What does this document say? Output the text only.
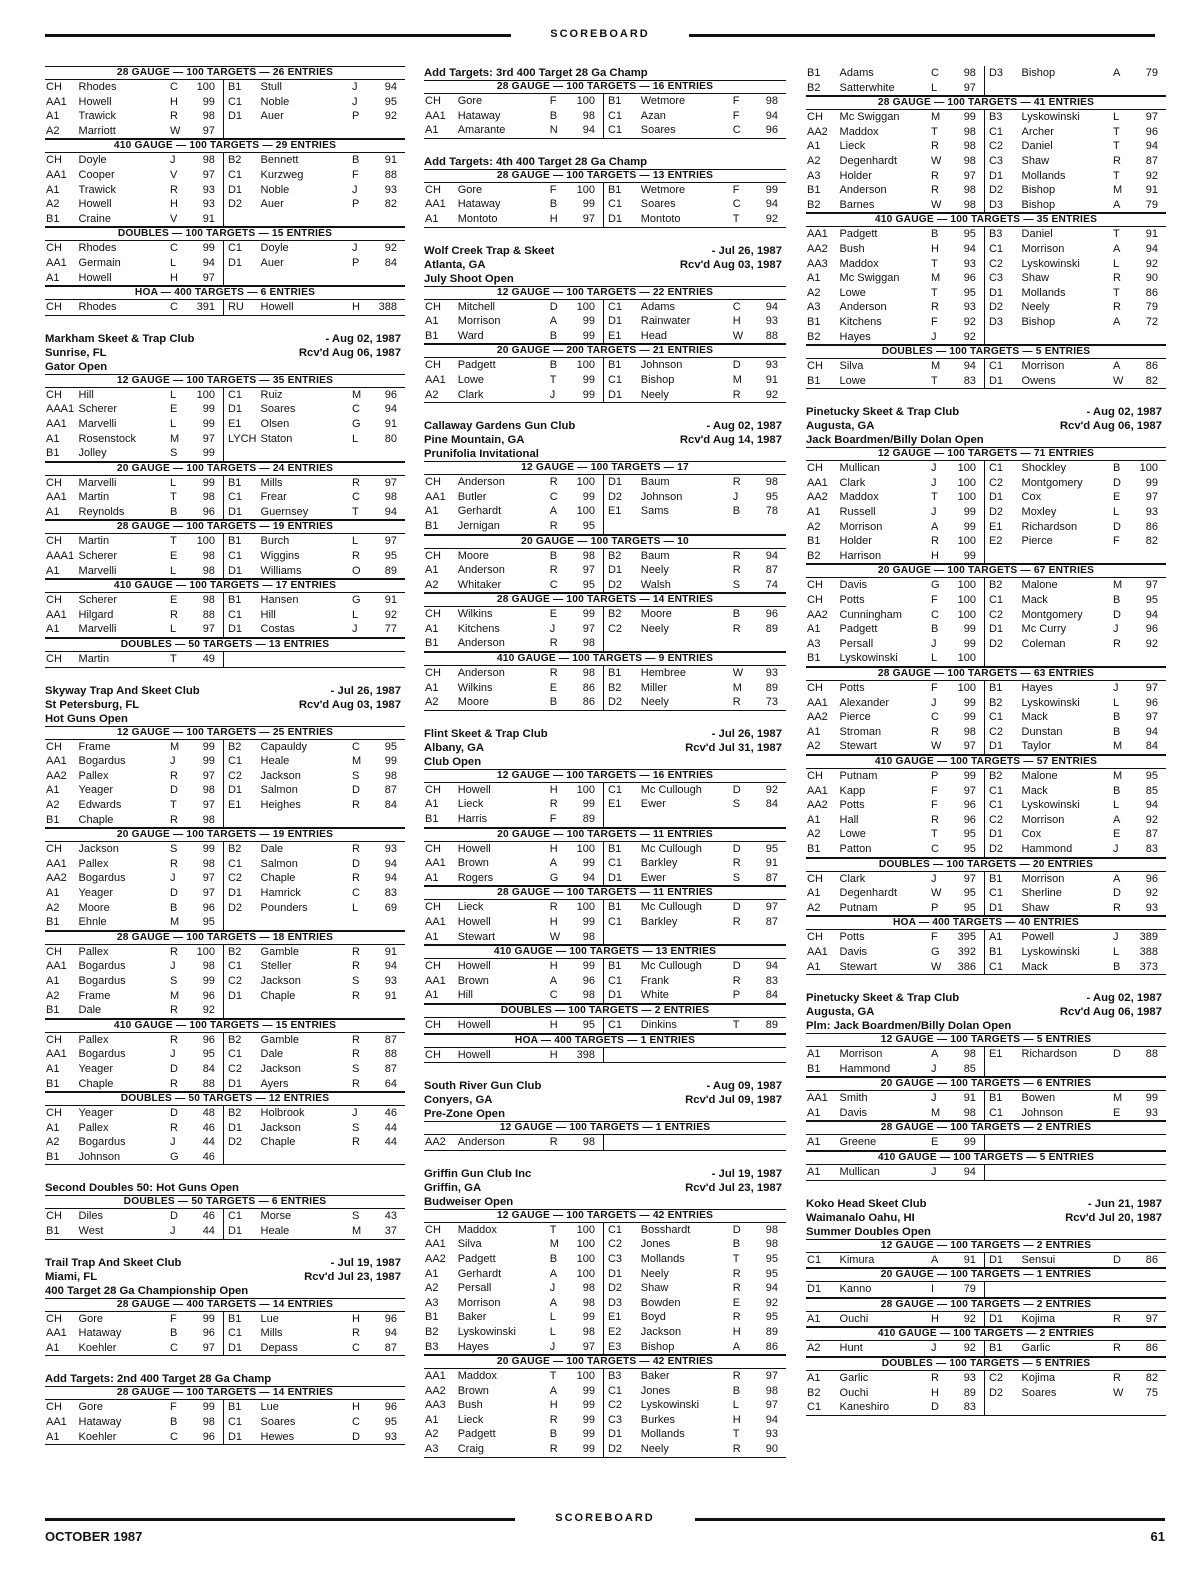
SCOREBOARD
28 GAUGE — 100 TARGETS — 26 ENTRIES
CH	Rhodes	C	100	B1	Stull	J	94
AA1	Howell	H	99	C1	Noble	J	95
A1	Trawick	R	98	D1	Auer	P	92
A2	Marriott	W	97				
410 GAUGE — 100 TARGETS — 29 ENTRIES
CH	Doyle	J	98	B2	Bennett	B	91
AA1	Cooper	V	97	C1	Kurzweg	F	88
A1	Trawick	R	93	D1	Noble	J	93
A2	Howell	H	93	D2	Auer	P	82
B1	Craine	V	91				
DOUBLES — 100 TARGETS — 15 ENTRIES
CH	Rhodes	C	99	C1	Doyle	J	92
AA1	Germain	L	94	D1	Auer	P	84
A1	Howell	H	97				
HOA — 400 TARGETS — 6 ENTRIES
CH	Rhodes	C	391	RU	Howell	H	388
Markham Skeet & Trap Club	- Aug 02, 1987
Sunrise, FL	Rcv'd Aug 06, 1987
Gator Open
12 GAUGE — 100 TARGETS — 35 ENTRIES
CH	Hill	L	100	C1	Ruiz	M	96
AAA1	Scherer	E	99	D1	Soares	C	94
AA1	Marvelli	L	99	E1	Olsen	G	91
A1	Rosenstock	M	97	LYCH	Staton	L	80
B1	Jolley	S	99				
20 GAUGE — 100 TARGETS — 24 ENTRIES
CH	Marvelli	L	99	B1	Mills	R	97
AA1	Martin	T	98	C1	Frear	C	98
A1	Reynolds	B	96	D1	Guernsey	T	94
28 GAUGE — 100 TARGETS — 19 ENTRIES
CH	Martin	T	100	B1	Burch	L	97
AAA1	Scherer	E	98	C1	Wiggins	R	95
A1	Marvelli	L	98	D1	Williams	O	89
410 GAUGE — 100 TARGETS — 17 ENTRIES
CH	Scherer	E	98	B1	Hansen	G	91
AA1	Hilgard	R	88	C1	Hill	L	92
A1	Marvelli	L	97	D1	Costas	J	77
DOUBLES — 50 TARGETS — 13 ENTRIES
CH	Martin	T	49				
Skyway Trap And Skeet Club	- Jul 26, 1987
St Petersburg, FL	Rcv'd Aug 03, 1987
Hot Guns Open
12 GAUGE — 100 TARGETS — 25 ENTRIES
CH	Frame	M	99	B2	Capauldy	C	95
AA1	Bogardus	J	99	C1	Heale	M	99
AA2	Pallex	R	97	C2	Jackson	S	98
A1	Yeager	D	98	D1	Salmon	D	87
A2	Edwards	T	97	E1	Heighes	R	84
B1	Chaple	R	98				
20 GAUGE — 100 TARGETS — 19 ENTRIES
CH	Jackson	S	99	B2	Dale	R	93
AA1	Pallex	R	98	C1	Salmon	D	94
AA2	Bogardus	J	97	C2	Chaple	R	94
A1	Yeager	D	97	D1	Hamrick	C	83
A2	Moore	B	96	D2	Pounders	L	69
B1	Ehnle	M	95				
28 GAUGE — 100 TARGETS — 18 ENTRIES
CH	Pallex	R	100	B2	Gamble	R	91
AA1	Bogardus	J	98	C1	Steller	R	94
A1	Bogardus	S	99	C2	Jackson	S	93
A2	Frame	M	96	D1	Chaple	R	91
B1	Dale	R	92				
410 GAUGE — 100 TARGETS — 15 ENTRIES
CH	Pallex	R	96	B2	Gamble	R	87
AA1	Bogardus	J	95	C1	Dale	R	88
A1	Yeager	D	84	C2	Jackson	S	87
B1	Chaple	R	88	D1	Ayers	R	64
DOUBLES — 50 TARGETS — 12 ENTRIES
CH	Yeager	D	48	B2	Holbrook	J	46
A1	Pallex	R	46	D1	Jackson	S	44
A2	Bogardus	J	44	D2	Chaple	R	44
B1	Johnson	G	46				
Second Doubles 50: Hot Guns Open
DOUBLES — 50 TARGETS — 6 ENTRIES
CH	Diles	D	46	C1	Morse	S	43
B1	West	J	44	D1	Heale	M	37
Trail Trap And Skeet Club	- Jul 19, 1987
Miami, FL	Rcv'd Jul 23, 1987
400 Target 28 Ga Championship Open
28 GAUGE — 400 TARGETS — 14 ENTRIES
CH	Gore	F	99	B1	Lue	H	96
AA1	Hataway	B	96	C1	Mills	R	94
A1	Koehler	C	97	D1	Depass	C	87
Add Targets: 2nd 400 Target 28 Ga Champ
28 GAUGE — 100 TARGETS — 14 ENTRIES
CH	Gore	F	99	B1	Lue	H	96
AA1	Hataway	B	98	C1	Soares	C	95
A1	Koehler	C	96	D1	Hewes	D	93
Add Targets: 3rd 400 Target 28 Ga Champ
28 GAUGE — 100 TARGETS — 16 ENTRIES
CH	Gore	F	100	B1	Wetmore	F	98
AA1	Hataway	B	98	C1	Azan	F	94
A1	Amarante	N	94	C1	Soares	C	96
Add Targets: 4th 400 Target 28 Ga Champ
28 GAUGE — 100 TARGETS — 13 ENTRIES
CH	Gore	F	100	B1	Wetmore	F	99
AA1	Hataway	B	99	C1	Soares	C	94
A1	Montoto	H	97	D1	Montoto	T	92
Wolf Creek Trap & Skeet	- Jul 26, 1987
Atlanta, GA	Rcv'd Aug 03, 1987
July Shoot Open
12 GAUGE — 100 TARGETS — 22 ENTRIES
CH	Mitchell	D	100	C1	Adams	C	94
A1	Morrison	A	99	D1	Rainwater	H	93
B1	Ward	B	99	E1	Head	W	88
20 GAUGE — 200 TARGETS — 21 ENTRIES
CH	Padgett	B	100	B1	Johnson	D	93
AA1	Lowe	T	99	C1	Bishop	M	91
A2	Clark	J	99	D1	Neely	R	92
Callaway Gardens Gun Club	- Aug 02, 1987
Pine Mountain, GA	Rcv'd Aug 14, 1987
Prunifolia Invitational
12 GAUGE — 100 TARGETS — 17
CH	Anderson	R	100	D1	Baum	R	98
AA1	Butler	C	99	D2	Johnson	J	95
A1	Gerhardt	A	100	E1	Sams	B	78
B1	Jernigan	R	95				
20 GAUGE — 100 TARGETS — 10
CH	Moore	B	98	B2	Baum	R	94
A1	Anderson	R	97	D1	Neely	R	87
A2	Whitaker	C	95	D2	Walsh	S	74
28 GAUGE — 100 TARGETS — 14 ENTRIES
CH	Wilkins	E	99	B2	Moore	B	96
A1	Kitchens	J	97	C2	Neely	R	89
B1	Anderson	R	98				
410 GAUGE — 100 TARGETS — 9 ENTRIES
CH	Anderson	R	98	B1	Hembree	W	93
A1	Wilkins	E	86	B2	Miller	M	89
A2	Moore	B	86	D2	Neely	R	73
Flint Skeet & Trap Club	- Jul 26, 1987
Albany, GA	Rcv'd Jul 31, 1987
Club Open
12 GAUGE — 100 TARGETS — 16 ENTRIES
CH	Howell	H	100	C1	Mc Cullough	D	92
A1	Lieck	R	99	E1	Ewer	S	84
B1	Harris	F	89				
20 GAUGE — 100 TARGETS — 11 ENTRIES
CH	Howell	H	100	B1	Mc Cullough	D	95
AA1	Brown	A	99	C1	Barkley	R	91
A1	Rogers	G	94	D1	Ewer	S	87
28 GAUGE — 100 TARGETS — 11 ENTRIES
CH	Lieck	R	100	B1	Mc Cullough	D	97
AA1	Howell	H	99	C1	Barkley	R	87
A1	Stewart	W	98				
410 GAUGE — 100 TARGETS — 13 ENTRIES
CH	Howell	H	99	B1	Mc Cullough	D	94
AA1	Brown	A	96	C1	Frank	R	83
A1	Hill	C	98	D1	White	P	84
DOUBLES — 100 TARGETS — 2 ENTRIES
CH	Howell	H	95	C1	Dinkins	T	89
HOA — 400 TARGETS — 1 ENTRIES
CH	Howell	H	398				
South River Gun Club	- Aug 09, 1987
Conyers, GA	Rcv'd Jul 09, 1987
Pre-Zone Open
12 GAUGE — 100 TARGETS — 1 ENTRIES
AA2	Anderson	R	98				
Griffin Gun Club Inc	- Jul 19, 1987
Griffin, GA	Rcv'd Jul 23, 1987
Budweiser Open
12 GAUGE — 100 TARGETS — 42 ENTRIES
CH	Maddox	T	100	C1	Bosshardt	D	98
AA1	Silva	M	100	C2	Jones	B	98
AA2	Padgett	B	100	C3	Mollands	T	95
A1	Gerhardt	A	100	D1	Neely	R	95
A2	Persall	J	98	D2	Shaw	R	94
A3	Morrison	A	98	D3	Bowden	E	92
B1	Baker	L	99	E1	Boyd	R	95
B2	Lyskowinski	L	98	E2	Jackson	H	89
B3	Hayes	J	97	E3	Bishop	A	86
20 GAUGE — 100 TARGETS — 42 ENTRIES
AA1	Maddox	T	100	B3	Baker	R	97
AA2	Brown	A	99	C1	Jones	B	98
AA3	Bush	H	99	C2	Lyskowinski	L	97
A1	Lieck	R	99	C3	Burkes	H	94
A2	Padgett	B	99	D1	Mollands	T	93
A3	Craig	R	99	D2	Neely	R	90
B1	Adams	C	98	D3	Bishop	A	79
B2	Satterwhite	L	97				
28 GAUGE — 100 TARGETS — 41 ENTRIES
CH	Mc Swiggan	M	99	B3	Lyskowinski	L	97
AA2	Maddox	T	98	C1	Archer	T	96
A1	Lieck	R	98	C2	Daniel	T	94
A2	Degenhardt	W	98	C3	Shaw	R	87
A3	Holder	R	97	D1	Mollands	T	92
B1	Anderson	R	98	D2	Bishop	M	91
B2	Barnes	W	98	D3	Bishop	A	79
410 GAUGE — 100 TARGETS — 35 ENTRIES
AA1	Padgett	B	95	B3	Daniel	T	91
AA2	Bush	H	94	C1	Morrison	A	94
AA3	Maddox	T	93	C2	Lyskowinski	L	92
A1	Mc Swiggan	M	96	C3	Shaw	R	90
A2	Lowe	T	95	D1	Mollands	T	86
A3	Anderson	R	93	D2	Neely	R	79
B1	Kitchens	F	92	D3	Bishop	A	72
B2	Hayes	J	92				
DOUBLES — 100 TARGETS — 5 ENTRIES
CH	Silva	M	94	C1	Morrison	A	86
B1	Lowe	T	83	D1	Owens	W	82
Pinetucky Skeet & Trap Club	- Aug 02, 1987
Augusta, GA	Rcv'd Aug 06, 1987
Jack Boardmen/Billy Dolan Open
12 GAUGE — 100 TARGETS — 71 ENTRIES
CH	Mullican	J	100	C1	Shockley	B	100
AA1	Clark	J	100	C2	Montgomery	D	99
AA2	Maddox	T	100	D1	Cox	E	97
A1	Russell	J	99	D2	Moxley	L	93
A2	Morrison	A	99	E1	Richardson	D	86
B1	Holder	R	100	E2	Pierce	F	82
B2	Harrison	H	99				
20 GAUGE — 100 TARGETS — 67 ENTRIES
CH	Davis	G	100	B2	Malone	M	97
CH	Potts	F	100	C1	Mack	B	95
AA2	Cunningham	C	100	C2	Montgomery	D	94
A1	Padgett	B	99	D1	Mc Curry	J	96
A3	Persall	J	99	D2	Coleman	R	92
B1	Lyskowinski	L	100				
28 GAUGE — 100 TARGETS — 63 ENTRIES
CH	Potts	F	100	B1	Hayes	J	97
AA1	Alexander	J	99	B2	Lyskowinski	L	96
AA2	Pierce	C	99	C1	Mack	B	97
A1	Stroman	R	98	C2	Dunstan	B	94
A2	Stewart	W	97	D1	Taylor	M	84
410 GAUGE — 100 TARGETS — 57 ENTRIES
CH	Putnam	P	99	B2	Malone	M	95
AA1	Kapp	F	97	C1	Mack	B	85
AA2	Potts	F	96	C1	Lyskowinski	L	94
A1	Hall	R	96	C2	Morrison	A	92
A2	Lowe	T	95	D1	Cox	E	87
B1	Patton	C	95	D2	Hammond	J	83
DOUBLES — 100 TARGETS — 20 ENTRIES
CH	Clark	J	97	B1	Morrison	A	96
A1	Degenhardt	W	95	C1	Sherline	D	92
A2	Putnam	P	95	D1	Shaw	R	93
HOA — 400 TARGETS — 40 ENTRIES
CH	Potts	F	395	A1	Powell	J	389
AA1	Davis	G	392	B1	Lyskowinski	L	388
A1	Stewart	W	386	C1	Mack	B	373
Pinetucky Skeet & Trap Club	- Aug 02, 1987
Augusta, GA	Rcv'd Aug 06, 1987
Plm: Jack Boardmen/Billy Dolan Open
12 GAUGE — 100 TARGETS — 5 ENTRIES
A1	Morrison	A	98	E1	Richardson	D	88
B1	Hammond	J	85				
20 GAUGE — 100 TARGETS — 6 ENTRIES
AA1	Smith	J	91	B1	Bowen	M	99
A1	Davis	M	98	C1	Johnson	E	93
28 GAUGE — 100 TARGETS — 2 ENTRIES
A1	Greene	E	99				
410 GAUGE — 100 TARGETS — 5 ENTRIES
A1	Mullican	J	94				
Koko Head Skeet Club	- Jun 21, 1987
Waimanalo Oahu, HI	Rcv'd Jul 20, 1987
Summer Doubles Open
12 GAUGE — 100 TARGETS — 2 ENTRIES
C1	Kimura	A	91	D1	Sensui	D	86
20 GAUGE — 100 TARGETS — 1 ENTRIES
D1	Kanno	I	79				
28 GAUGE — 100 TARGETS — 2 ENTRIES
A1	Ouchi	H	92	D1	Kojima	R	97
410 GAUGE — 100 TARGETS — 2 ENTRIES
A2	Hunt	J	92	B1	Garlic	R	86
DOUBLES — 100 TARGETS — 5 ENTRIES
A1	Garlic	R	93	C2	Kojima	R	82
B2	Ouchi	H	89	D2	Soares	W	75
C1	Kaneshiro	D	83				
SCOREBOARD
OCTOBER 1987	61
